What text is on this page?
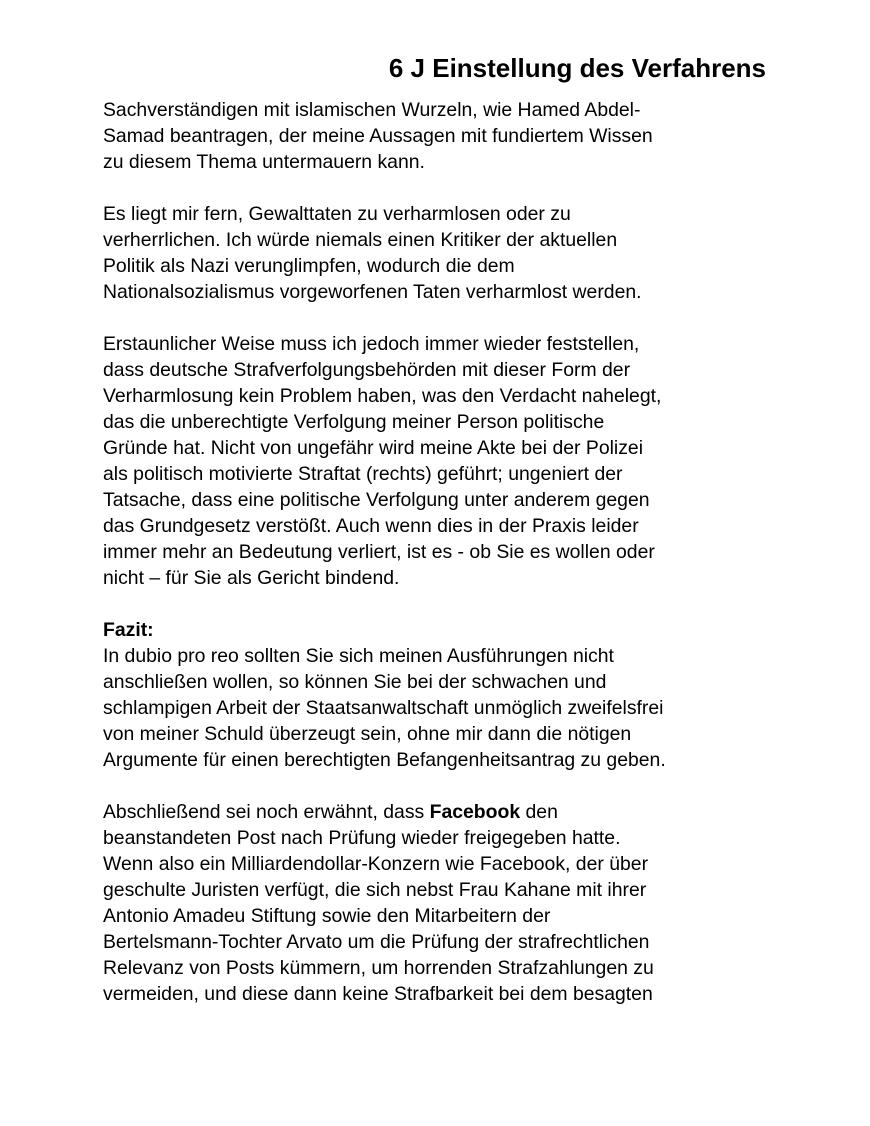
6 J Einstellung des Verfahrens

Sachverständigen mit islamischen Wurzeln, wie Hamed Abdel-
Samad beantragen, der meine Aussagen mit fundiertem Wissen
zu diesem Thema untermauern kann.

Es liegt mir fern, Gewalttaten zu verharmlosen oder zu
verherrlichen. Ich würde niemals einen Kritiker der aktuellen
Politik als Nazi verunglimpfen, wodurch die dem
Nationalsozialismus vorgeworfenen Taten verharmlost werden.

Erstaunlicher Weise muss ich jedoch immer wieder feststellen,
dass deutsche Strafverfolgungsbehörden mit dieser Form der
Verharmlosung kein Problem haben, was den Verdacht nahelegt,
das die unberechtigte Verfolgung meiner Person politische
Gründe hat. Nicht von ungefähr wird meine Akte bei der Polizei
als politisch motivierte Straftat (rechts) geführt; ungeniert der
Tatsache, dass eine politische Verfolgung unter anderem gegen
das Grundgesetz verstößt. Auch wenn dies in der Praxis leider
immer mehr an Bedeutung verliert, ist es - ob Sie es wollen oder
nicht – für Sie als Gericht bindend.

Fazit:
In dubio pro reo sollten Sie sich meinen Ausführungen nicht
anschließen wollen, so können Sie bei der schwachen und
schlampigen Arbeit der Staatsanwaltschaft unmöglich zweifelsfrei
von meiner Schuld überzeugt sein, ohne mir dann die nötigen
Argumente für einen berechtigten Befangenheitsantrag zu geben.

Abschließend sei noch erwähnt, dass Facebook den
beanstandeten Post nach Prüfung wieder freigegeben hatte.
Wenn also ein Milliardendollar-Konzern wie Facebook, der über
geschulte Juristen verfügt, die sich nebst Frau Kahane mit ihrer
Antonio Amadeu Stiftung sowie den Mitarbeitern der
Bertelsmann-Tochter Arvato um die Prüfung der strafrechtlichen
Relevanz von Posts kümmern, um horrenden Strafzahlungen zu
vermeiden, und diese dann keine Strafbarkeit bei dem besagten
